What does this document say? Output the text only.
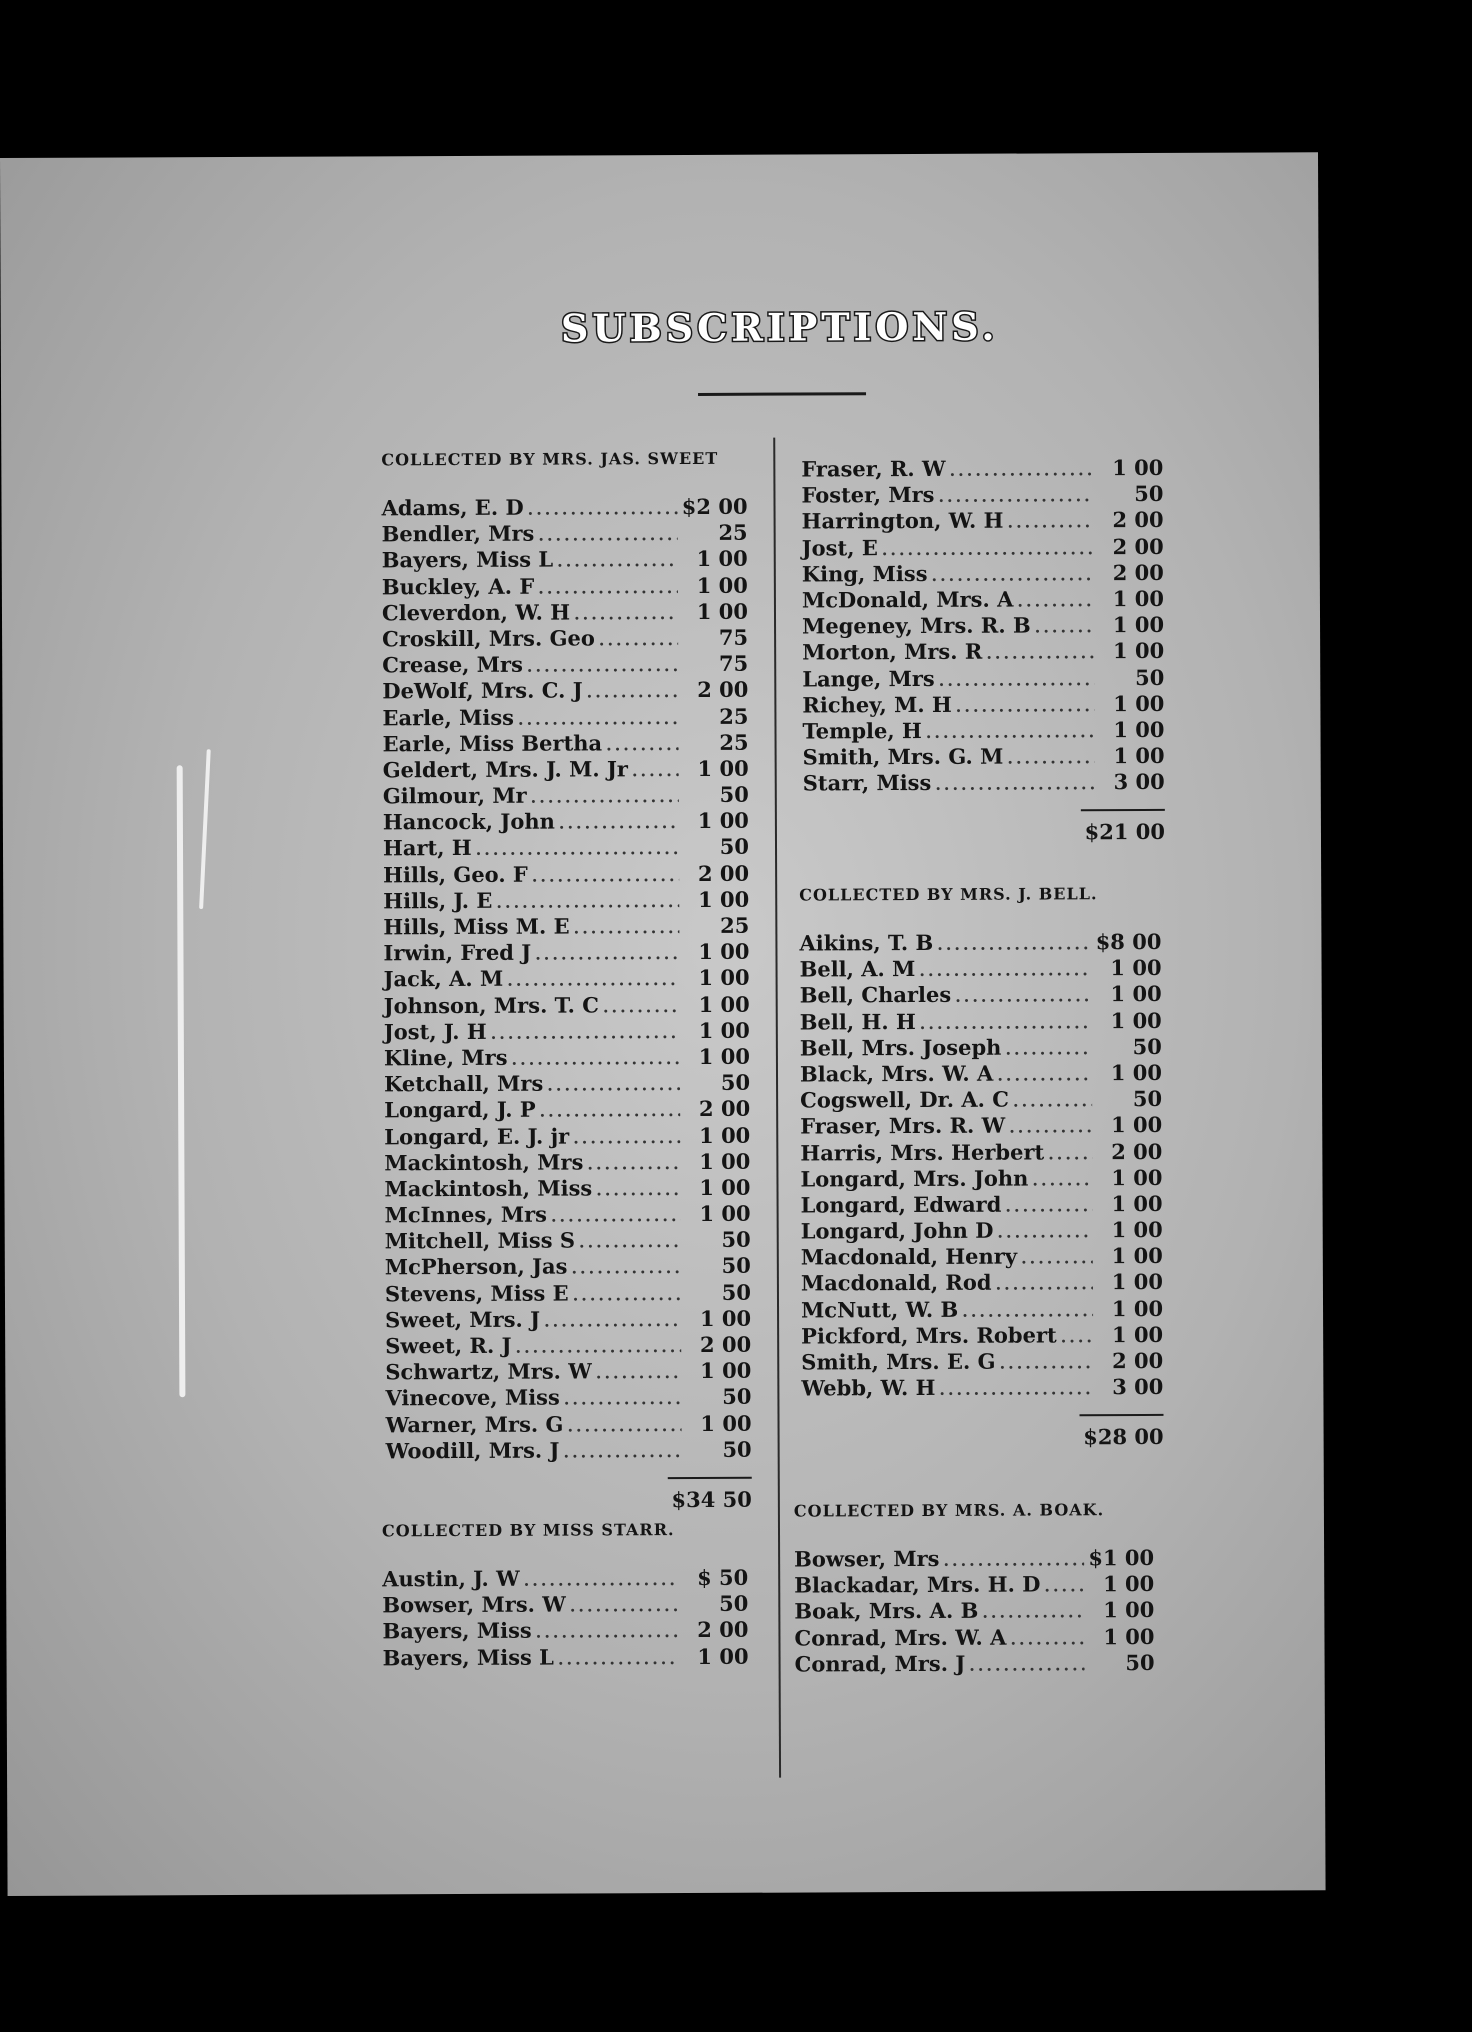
SUBSCRIPTIONS.
COLLECTED BY MRS. JAS. SWEET
Adams, E. D .....	$2 00
Bendler, Mrs .....	25
Bayers, Miss L .....	1 00
Buckley, A. F .....	1 00
Cleverdon, W. H .....	1 00
Croskill, Mrs. Geo .....	75
Crease, Mrs .....	75
DeWolf, Mrs. C. J .....	2 00
Earle, Miss .....	25
Earle, Miss Bertha .....	25
Geldert, Mrs. J. M. Jr .....	1 00
Gilmour, Mr .....	50
Hancock, John .....	1 00
Hart, H .....	50
Hills, Geo. F .....	2 00
Hills, J. E .....	1 00
Hills, Miss M. E .....	25
Irwin, Fred J .....	1 00
Jack, A. M .....	1 00
Johnson, Mrs. T. C .....	1 00
Jost, J. H .....	1 00
Kline, Mrs .....	1 00
Ketchall, Mrs .....	50
Longard, J. P .....	2 00
Longard, E. J. jr .....	1 00
Mackintosh, Mrs .....	1 00
Mackintosh, Miss .....	1 00
McInnes, Mrs .....	1 00
Mitchell, Miss S .....	50
McPherson, Jas .....	50
Stevens, Miss E .....	50
Sweet, Mrs. J .....	1 00
Sweet, R. J .....	2 00
Schwartz, Mrs. W .....	1 00
Vinecove, Miss .....	50
Warner, Mrs. G .....	1 00
Woodill, Mrs. J .....	50
$34 50
COLLECTED BY MISS STARR.
Austin, J. W .....	$ 50
Bowser, Mrs. W .....	50
Bayers, Miss .....	2 00
Bayers, Miss L .....	1 00
Fraser, R. W .....	1 00
Foster, Mrs .....	50
Harrington, W. H .....	2 00
Jost, E .....	2 00
King, Miss .....	2 00
McDonald, Mrs. A .....	1 00
Megeney, Mrs. R. B .....	1 00
Morton, Mrs. R .....	1 00
Lange, Mrs .....	50
Richey, M. H .....	1 00
Temple, H .....	1 00
Smith, Mrs. G. M .....	1 00
Starr, Miss .....	3 00
$21 00
COLLECTED BY MRS. J. BELL.
Aikins, T. B .....	$8 00
Bell, A. M .....	1 00
Bell, Charles .....	1 00
Bell, H. H .....	1 00
Bell, Mrs. Joseph .....	50
Black, Mrs. W. A .....	1 00
Cogswell, Dr. A. C .....	50
Fraser, Mrs. R. W .....	1 00
Harris, Mrs. Herbert .....	2 00
Longard, Mrs. John .....	1 00
Longard, Edward .....	1 00
Longard, John D .....	1 00
Macdonald, Henry .....	1 00
Macdonald, Rod .....	1 00
McNutt, W. B .....	1 00
Pickford, Mrs. Robert .....	1 00
Smith, Mrs. E. G .....	2 00
Webb, W. H .....	3 00
$28 00
COLLECTED BY MRS. A. BOAK.
Bowser, Mrs .....	$1 00
Blackadar, Mrs. H. D .....	1 00
Boak, Mrs. A. B .....	1 00
Conrad, Mrs. W. A .....	1 00
Conrad, Mrs. J .....	50
